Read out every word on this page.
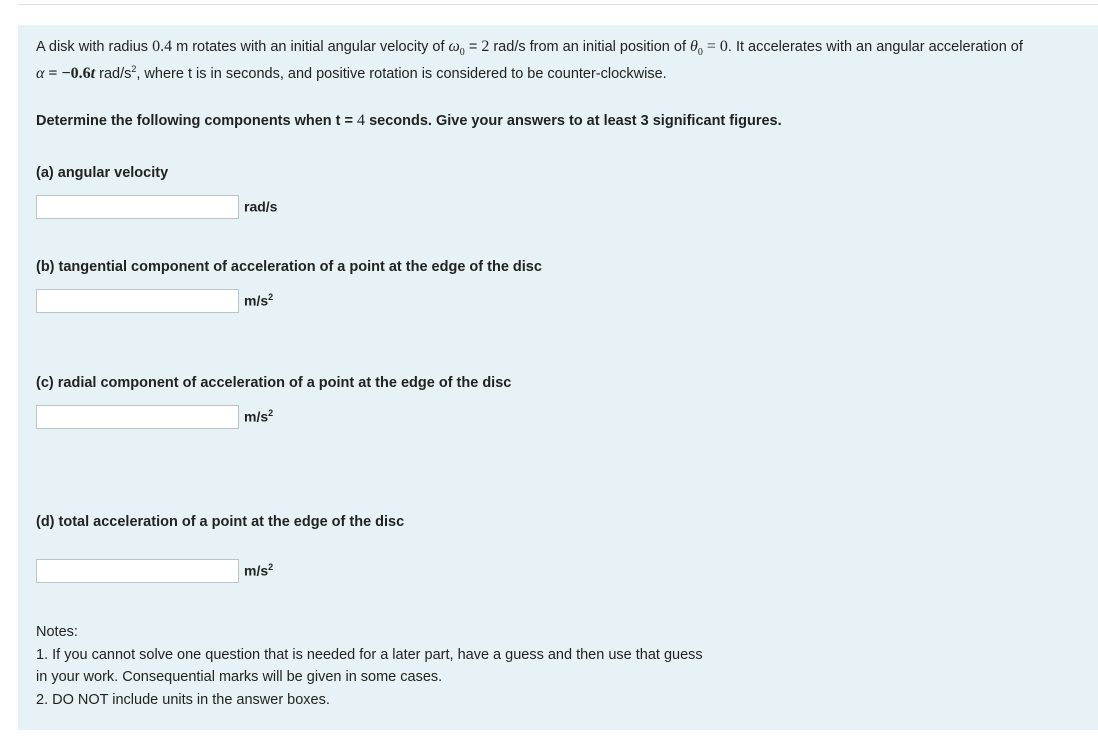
A disk with radius 0.4 m rotates with an initial angular velocity of $\omega_0 = 2$ rad/s from an initial position of $\theta_0 = 0$. It accelerates with an angular acceleration of
α = −0.6t rad/$s^2$, where t is in seconds, and positive rotation is considered to be counter-clockwise.
Determine the following components when t = 4 seconds. Give your answers to at least 3 significant figures.
(a) angular velocity
rad/s
(b) tangential component of acceleration of a point at the edge of the disc
$m/s^2$
(c) radial component of acceleration of a point at the edge of the disc
$m/s^2$
(d) total acceleration of a point at the edge of the disc
$m/s^2$
Notes:
1. If you cannot solve one question that is needed for a later part, have a guess and then use that guess
in your work. Consequential marks will be given in some cases.
2. DO NOT include units in the answer boxes.
